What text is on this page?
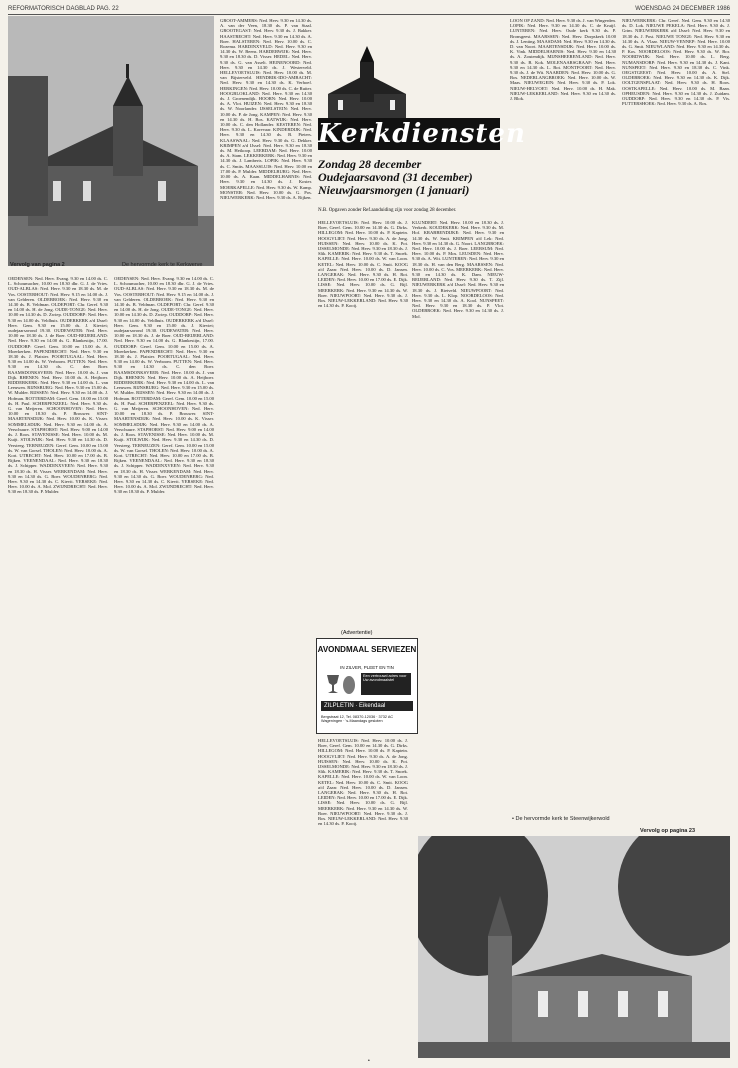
REFORMATORISCH DAGBLAD PAG. 22	WOENSDAG 24 DECEMBER 1986
Vervolg van pagina 2	De hervormde kerk te Kerkwerve

OEDENSEN: Ned. Herv. Evang. 9.30 en 14.00 ds. C. L. Schoumacher, 10.00 en 18.30 dhr. G. J. de Vries. OUD-ALBLAS: Ned. Herv. 9.30 en 18.30 ds. M. de Vos. OOSTERHOUT: Ned. Herv. 9.15 en 14.00 ds. J. van Gelderen. OLDEBROEK: Ned. Herv. 9.30 en 14.30 ds. B. Veldman. OLDEPORT: Chr. Geref. 9.30 en 14.00 ds. H. de Jong. OUDE-TONGE: Ned. Herv. 10.00 en 14.30 ds. D. Zwiep. OUDDORP: Ned. Herv. 9.30 en 14.00 ds. Veldhuis. OUDERKERK a/d IJssel: Herv. Gem. 9.30 en 15.00 ds. J. Kieviet; oudejaarsavond 19.30. OUDEWATER: Ned. Herv. 10.00 en 18.30 ds. J. de Boer. OUD-BEIJERLAND: Ned. Herv. 9.30 en 14.00 ds. G. Blankestijn, 17.00. OUDDORP: Geref. Gem. 10.00 en 15.00 ds. A. Moerkerken. PAPENDRECHT: Ned. Herv. 9.30 en 18.30 ds. J. Plaisier. POORTUGAAL: Ned. Herv. 9.30 en 14.00 ds. W. Verboom. PUTTEN: Ned. Herv. 9.30 en 14.30 ds. C. den Boer. RAAMSDONKSVEER: Ned. Herv. 10.00 ds. J. van Dijk. RHENEN: Ned. Herv. 10.00 ds. A. Heijboer. RIDDERKERK: Ned. Herv. 9.30 en 14.00 ds. L. van Leeuwen. RIJNSBURG: Ned. Herv. 9.30 en 15.00 ds. W. Mulder. RIJSSEN: Ned. Herv. 9.30 en 14.00 ds. J. Hofman. ROTTERDAM: Geref. Gem. 10.00 en 15.00 ds. H. Paul. SCHERPENZEEL: Ned. Herv. 9.30 ds. G. van Meijeren. SCHOONHOVEN: Ned. Herv. 10.00 en 18.30 ds. P. Brouwer. SINT-MAARTENSDIJK: Ned. Herv. 10.00 ds. K. Visser. SOMMELSDIJK: Ned. Herv. 9.30 en 14.00 ds. A. Verschuure. STAPHORST: Ned. Herv. 9.00 en 14.00 ds. J. Roos. STAVENISSE: Ned. Herv. 10.00 ds. M. Kuijt. STOLWIJK: Ned. Herv. 9.30 en 14.30 ds. D. Versteeg. TERNEUZEN: Geref. Gem. 10.00 en 15.00 ds. W. van Gorsel. THOLEN: Ned. Herv. 10.00 ds. A. Kort. UTRECHT: Ned. Herv. 10.00 en 17.00 ds. B. Rijken. VEENENDAAL: Ned. Herv. 9.30 en 18.30 ds. J. Schipper. WADDINXVEEN: Ned. Herv. 9.30 en 18.30 ds. H. Visser. WERKENDAM: Ned. Herv. 9.30 en 14.30 ds. G. Boer. WOUDENBERG: Ned. Herv. 9.30 en 14.30 ds. C. Kievit. YERSEKE: Ned. Herv. 10.00 ds. A. Mol. ZWIJNDRECHT: Ned. Herv. 9.30 en 18.30 ds. P. Mulder.

OEDENSEN: Ned. Herv. Evang. 9.30 en 14.00 ds. C. L. Schoumacher, 10.00 en 18.30 dhr. G. J. de Vries. OUD-ALBLAS: Ned. Herv. 9.30 en 18.30 ds. M. de Vos. OOSTERHOUT: Ned. Herv. 9.15 en 14.00 ds. J. van Gelderen. OLDEBROEK: Ned. Herv. 9.30 en 14.30 ds. B. Veldman. OLDEPORT: Chr. Geref. 9.30 en 14.00 ds. H. de Jong. OUDE-TONGE: Ned. Herv. 10.00 en 14.30 ds. D. Zwiep. OUDDORP: Ned. Herv. 9.30 en 14.00 ds. Veldhuis. OUDERKERK a/d IJssel: Herv. Gem. 9.30 en 15.00 ds. J. Kieviet; oudejaarsavond 19.30. OUDEWATER: Ned. Herv. 10.00 en 18.30 ds. J. de Boer. OUD-BEIJERLAND: Ned. Herv. 9.30 en 14.00 ds. G. Blankestijn, 17.00. OUDDORP: Geref. Gem. 10.00 en 15.00 ds. A. Moerkerken. PAPENDRECHT: Ned. Herv. 9.30 en 18.30 ds. J. Plaisier. POORTUGAAL: Ned. Herv. 9.30 en 14.00 ds. W. Verboom. PUTTEN: Ned. Herv. 9.30 en 14.30 ds. C. den Boer. RAAMSDONKSVEER: Ned. Herv. 10.00 ds. J. van Dijk. RHENEN: Ned. Herv. 10.00 ds. A. Heijboer. RIDDERKERK: Ned. Herv. 9.30 en 14.00 ds. L. van Leeuwen. RIJNSBURG: Ned. Herv. 9.30 en 15.00 ds. W. Mulder. RIJSSEN: Ned. Herv. 9.30 en 14.00 ds. J. Hofman. ROTTERDAM: Geref. Gem. 10.00 en 15.00 ds. H. Paul. SCHERPENZEEL: Ned. Herv. 9.30 ds. G. van Meijeren. SCHOONHOVEN: Ned. Herv. 10.00 en 18.30 ds. P. Brouwer. SINT-MAARTENSDIJK: Ned. Herv. 10.00 ds. K. Visser. SOMMELSDIJK: Ned. Herv. 9.30 en 14.00 ds. A. Verschuure. STAPHORST: Ned. Herv. 9.00 en 14.00 ds. J. Roos. STAVENISSE: Ned. Herv. 10.00 ds. M. Kuijt. STOLWIJK: Ned. Herv. 9.30 en 14.30 ds. D. Versteeg. TERNEUZEN: Geref. Gem. 10.00 en 15.00 ds. W. van Gorsel. THOLEN: Ned. Herv. 10.00 ds. A. Kort. UTRECHT: Ned. Herv. 10.00 en 17.00 ds. B. Rijken. VEENENDAAL: Ned. Herv. 9.30 en 18.30 ds. J. Schipper. WADDINXVEEN: Ned. Herv. 9.30 en 18.30 ds. H. Visser. WERKENDAM: Ned. Herv. 9.30 en 14.30 ds. G. Boer. WOUDENBERG: Ned. Herv. 9.30 en 14.30 ds. C. Kievit. YERSEKE: Ned. Herv. 10.00 ds. A. Mol. ZWIJNDRECHT: Ned. Herv. 9.30 en 18.30 ds. P. Mulder.

GROOT-AMMERS: Ned. Herv. 9.30 en 14.30 ds. A. van der Veen, 18.30 ds. P. van Staal. GROOTEGAST: Ned. Herv. 9.30 ds. J. Bakker. HAASTRECHT: Ned. Herv. 9.30 en 14.30 ds. A. Boer. HALSTEREN: Ned. Herv. 10.00 ds. C. Rozema. HARDINXVELD: Ned. Herv. 9.30 en 14.30 ds. W. Beens. HARDERWIJK: Ned. Herv. 9.30 en 18.30 ds. D. Visser. HEDEL: Ned. Herv. 9.30 ds. G. van Asselt. HEINENOORD: Ned. Herv. 9.30 en 14.30 ds. J. Westerveld. HELLEVOETSLUIS: Ned. Herv. 10.00 ds. M. van Bijsterveld. HENDRIK-IDO-AMBACHT: Ned. Herv. 9.30 en 14.30 ds. K. Verhoef. HERKINGEN: Ned. Herv. 10.00 ds. C. de Ruiter. HOOGBLOKLAND: Ned. Herv. 9.30 en 14.30 ds. J. Groenendijk. HOORN: Ned. Herv. 10.00 ds. A. Vlot. HUIZEN: Ned. Herv. 9.30 en 18.30 ds. W. Noorlander. IJSSELSTEIN: Ned. Herv. 10.00 ds. P. de Jong. KAMPEN: Ned. Herv. 9.30 en 14.30 ds. H. Bos. KATWIJK: Ned. Herv. 10.00 ds. C. den Hollander. KESTEREN: Ned. Herv. 9.30 ds. L. Korevaar. KINDERDIJK: Ned. Herv. 9.30 en 14.30 ds. B. Pieters. KLAASWAAL: Ned. Herv. 9.30 ds. G. Dekker. KRIMPEN a/d IJssel: Ned. Herv. 9.30 en 18.30 ds. M. Heikoop. LEERDAM: Ned. Herv. 10.00 ds. A. Stam. LEKKERKERK: Ned. Herv. 9.30 en 14.30 ds. J. Lamberts. LOPIK: Ned. Herv. 9.30 ds. C. Smits. MAASSLUIS: Ned. Herv. 10.00 en 17.00 ds. P. Mulder. MIDDELBURG: Ned. Herv. 10.00 ds. A. Kaan. MIDDELHARNIS: Ned. Herv. 9.30 en 14.30 ds. J. Koster. MOERKAPELLE: Ned. Herv. 9.30 ds. W. Kamp. MONSTER: Ned. Herv. 10.00 ds. G. Pos. NIEUWERKERK: Ned. Herv. 9.30 ds. A. Rijken.

Kerkdiensten
Zondag 28 december
Oudejaarsavond (31 december)
Nieuwjaarsmorgen (1 januari)
N.B. Opgaven zonder Ref.aanduiding zijn voor zondag 28 december.

HELLEVOETSLUIS: Ned. Herv. 10.00 ds. J. Boer, Geref. Gem. 10.00 en 14.30 ds. G. Dirks. HILLEGOM: Ned. Herv. 10.00 ds. P. Kaptein. HOOGVLIET: Ned. Herv. 9.30 ds. A. de Jong. HUISSEN: Ned. Herv. 10.00 ds. K. Pot. IJSSELMONDE: Ned. Herv. 9.30 en 18.30 ds. J. Slik. KAMERIK: Ned. Herv. 9.30 ds. T. Snoek. KAPELLE: Ned. Herv. 10.00 ds. W. van Loon. KETEL: Ned. Herv. 10.00 ds. C. Smit. KOOG a/d Zaan: Ned. Herv. 10.00 ds. D. Jansen. LANGERAK: Ned. Herv. 9.30 ds. H. Rot. LEIDEN: Ned. Herv. 10.00 en 17.00 ds. E. Dijk. LISSE: Ned. Herv. 10.00 ds. G. Bijl. MEERKERK: Ned. Herv. 9.30 en 14.30 ds. W. Boer. NIEUWPOORT: Ned. Herv. 9.30 ds. J. Bos. NIEUW-LEKKERLAND: Ned. Herv. 9.30 en 14.30 ds. P. Kooij.

KLUNDERT: Ned. Herv. 10.00 en 18.30 ds. J. Verkerk. KOUDEKERK: Ned. Herv. 9.30 ds. M. Hof. KRABBENDIJKE: Ned. Herv. 9.30 en 14.30 ds. W. Smit. KRIMPEN a/d Lek: Ned. Herv. 9.30 en 14.30 ds. G. Noort. LANGBROEK: Ned. Herv. 10.00 ds. J. Boer. LEERSUM: Ned. Herv. 10.00 ds. P. Mos. LEUSDEN: Ned. Herv. 9.30 ds. A. Wit. LUNTEREN: Ned. Herv. 9.30 en 18.30 ds. H. van den Berg. MAARSSEN: Ned. Herv. 10.00 ds. C. Vos. MEERKERK: Ned. Herv. 9.30 en 14.30 ds. K. Dam. NIEUW-BEIJERLAND: Ned. Herv. 9.30 ds. T. Zijl. NIEUWERKERK a/d IJssel: Ned. Herv. 9.30 en 18.30 ds. J. Rietveld. NIEUWPOORT: Ned. Herv. 9.30 ds. L. Klop. NOORDELOOS: Ned. Herv. 9.30 en 14.30 ds. A. Kool. NUNSPEET: Ned. Herv. 9.30 en 18.30 ds. P. Vlot. OLDEBROEK: Ned. Herv. 9.30 en 14.30 ds. J. Mol.

(Advertentie)
AVONDMAAL SERVIEZEN
IN ZILVER, PLEET EN TIN
Een vertrouwd adres voor Uw avondmaalstel
ZILPLETIN · Eikendaal
Bergstraat 12, Tel. 08370-12036 · 3732 AC Wageningen · 's-Maandags gesloten

HELLEVOETSLUIS: Ned. Herv. 10.00 ds. J. Boer, Geref. Gem. 10.00 en 14.30 ds. G. Dirks. HILLEGOM: Ned. Herv. 10.00 ds. P. Kaptein. HOOGVLIET: Ned. Herv. 9.30 ds. A. de Jong. HUISSEN: Ned. Herv. 10.00 ds. K. Pot. IJSSELMONDE: Ned. Herv. 9.30 en 18.30 ds. J. Slik. KAMERIK: Ned. Herv. 9.30 ds. T. Snoek. KAPELLE: Ned. Herv. 10.00 ds. W. van Loon. KETEL: Ned. Herv. 10.00 ds. C. Smit. KOOG a/d Zaan: Ned. Herv. 10.00 ds. D. Jansen. LANGERAK: Ned. Herv. 9.30 ds. H. Rot. LEIDEN: Ned. Herv. 10.00 en 17.00 ds. E. Dijk. LISSE: Ned. Herv. 10.00 ds. G. Bijl. MEERKERK: Ned. Herv. 9.30 en 14.30 ds. W. Boer. NIEUWPOORT: Ned. Herv. 9.30 ds. J. Bos. NIEUW-LEKKERLAND: Ned. Herv. 9.30 en 14.30 ds. P. Kooij.

LOON OP ZAND: Ned. Herv. 9.30 ds. J. van Wingerden. LOPIK: Ned. Herv. 9.30 en 14.30 ds. C. de Kruijf. LUNTEREN: Ned. Herv. Oude kerk 9.30 ds. P. Bronsgeest. MAARSSEN: Ned. Herv. Dorpskerk 10.00 ds. J. Lenting. MAASDAM: Ned. Herv. 9.30 en 14.30 ds. D. van Noort. MAARTENSDIJK: Ned. Herv. 10.00 ds. K. Vink. MIDDELHARNIS: Ned. Herv. 9.30 en 14.30 ds. A. Zoutendijk. MIJNSHEERENLAND: Ned. Herv. 9.30 ds. B. Kok. MOLENAARSGRAAF: Ned. Herv. 9.30 en 14.30 ds. L. Bot. MONTFOORT: Ned. Herv. 9.30 ds. J. de Wit. NAARDEN: Ned. Herv. 10.00 ds. G. Bos. NEDERLANGBROEK: Ned. Herv. 10.00 ds. W. Maas. NIEUWEGEIN: Ned. Herv. 9.30 ds. P. Lok. NIEUW-HELVOET: Ned. Herv. 10.00 ds. H. Mak. NIEUW-LEKKERLAND: Ned. Herv. 9.30 en 14.30 ds. J. Blok.

NIEUWERKERK: Chr. Geref. Ned. Gem. 9.30 en 14.30 ds. D. Lok. NIEUWE PEKELA: Ned. Herv. 9.30 ds. J. Grim. NIEUWERKERK a/d IJssel: Ned. Herv. 9.30 en 18.30 ds. J. Post. NIEUWE TONGE: Ned. Herv. 9.30 en 14.30 ds. A. Vlaar. NIEUW-VENNEP: Ned. Herv. 10.00 ds. G. Smit. NIEUWLAND: Ned. Herv. 9.30 en 14.30 ds. P. Kos. NOORDELOOS: Ned. Herv. 9.30 ds. W. Bor. NOORDWIJK: Ned. Herv. 10.00 ds. L. Berg. NUMANSDORP: Ned. Herv. 9.30 en 14.30 ds. J. Kant. NUNSPEET: Ned. Herv. 9.30 en 18.30 ds. C. Vink. OEGSTGEEST: Ned. Herv. 10.00 ds. A. Stel. OLDEBROEK: Ned. Herv. 9.30 en 14.30 ds. K. Dijk. OOLTGENSPLAAT: Ned. Herv. 9.30 ds. H. Roos. OOSTKAPELLE: Ned. Herv. 10.00 ds. M. Baan. OPHEUSDEN: Ned. Herv. 9.30 en 14.30 ds. J. Zuidam. OUDDORP: Ned. Herv. 9.30 en 14.30 ds. P. Vis. PUTTERSHOEK: Ned. Herv. 9.30 ds. A. Ros.

• De hervormde kerk te Steenwijkerwold
Vervolg op pagina 23
•
